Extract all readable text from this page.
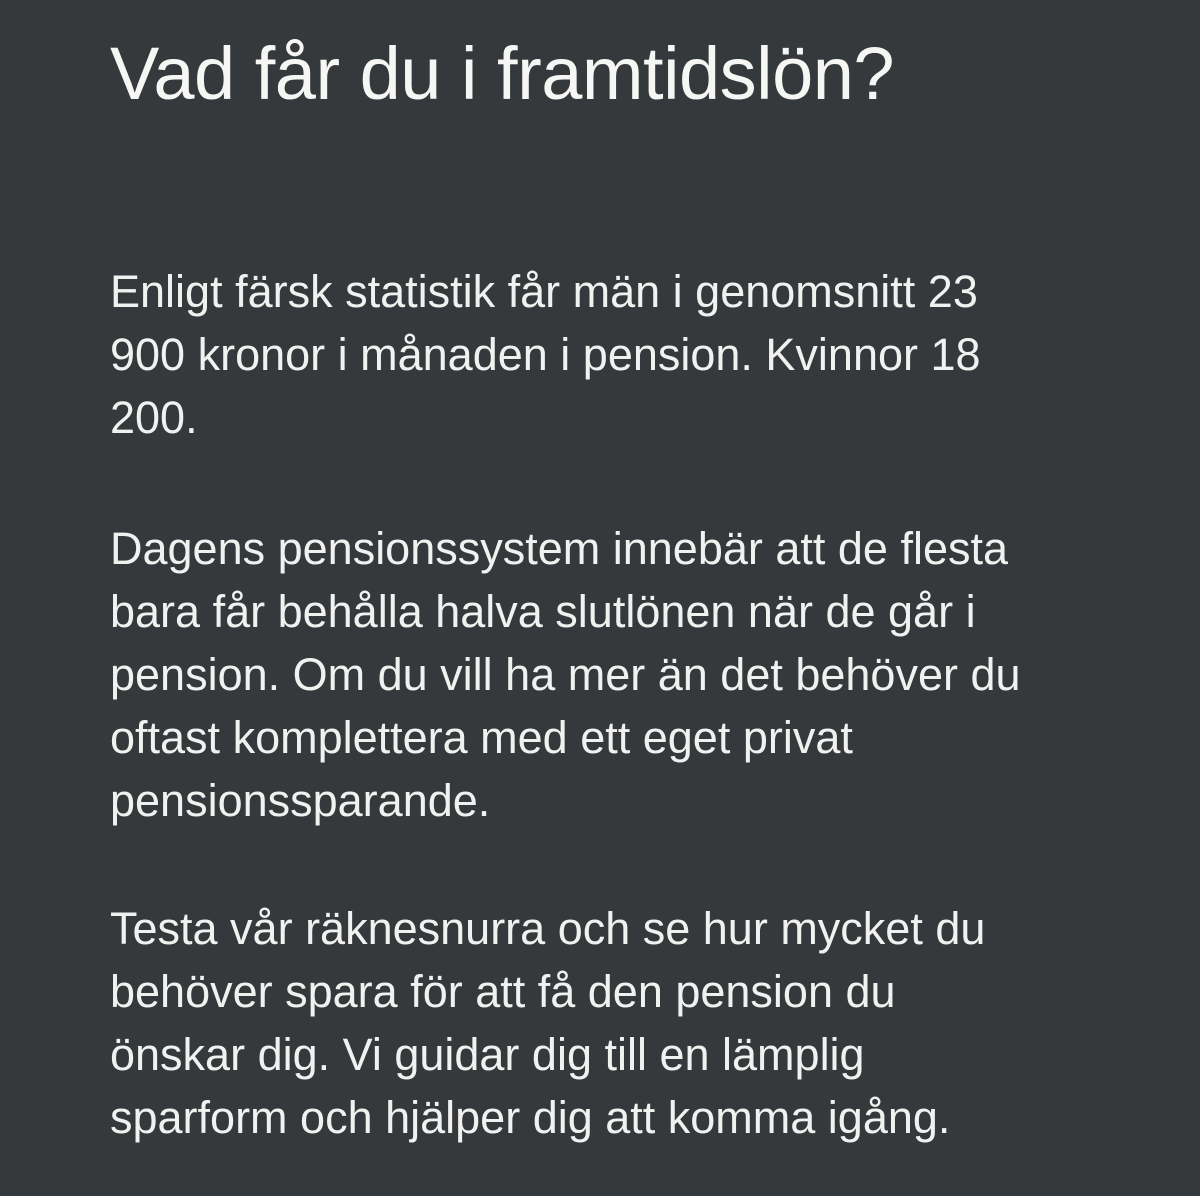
Vad får du i framtidslön?

Enligt färsk statistik får män i genomsnitt 23
900 kronor i månaden i pension. Kvinnor 18
200.

Dagens pensionssystem innebär att de flesta
bara får behålla halva slutlönen när de går i
pension. Om du vill ha mer än det behöver du
oftast komplettera med ett eget privat
pensionssparande.

Testa vår räknesnurra och se hur mycket du
behöver spara för att få den pension du
önskar dig. Vi guidar dig till en lämplig
sparform och hjälper dig att komma igång.
